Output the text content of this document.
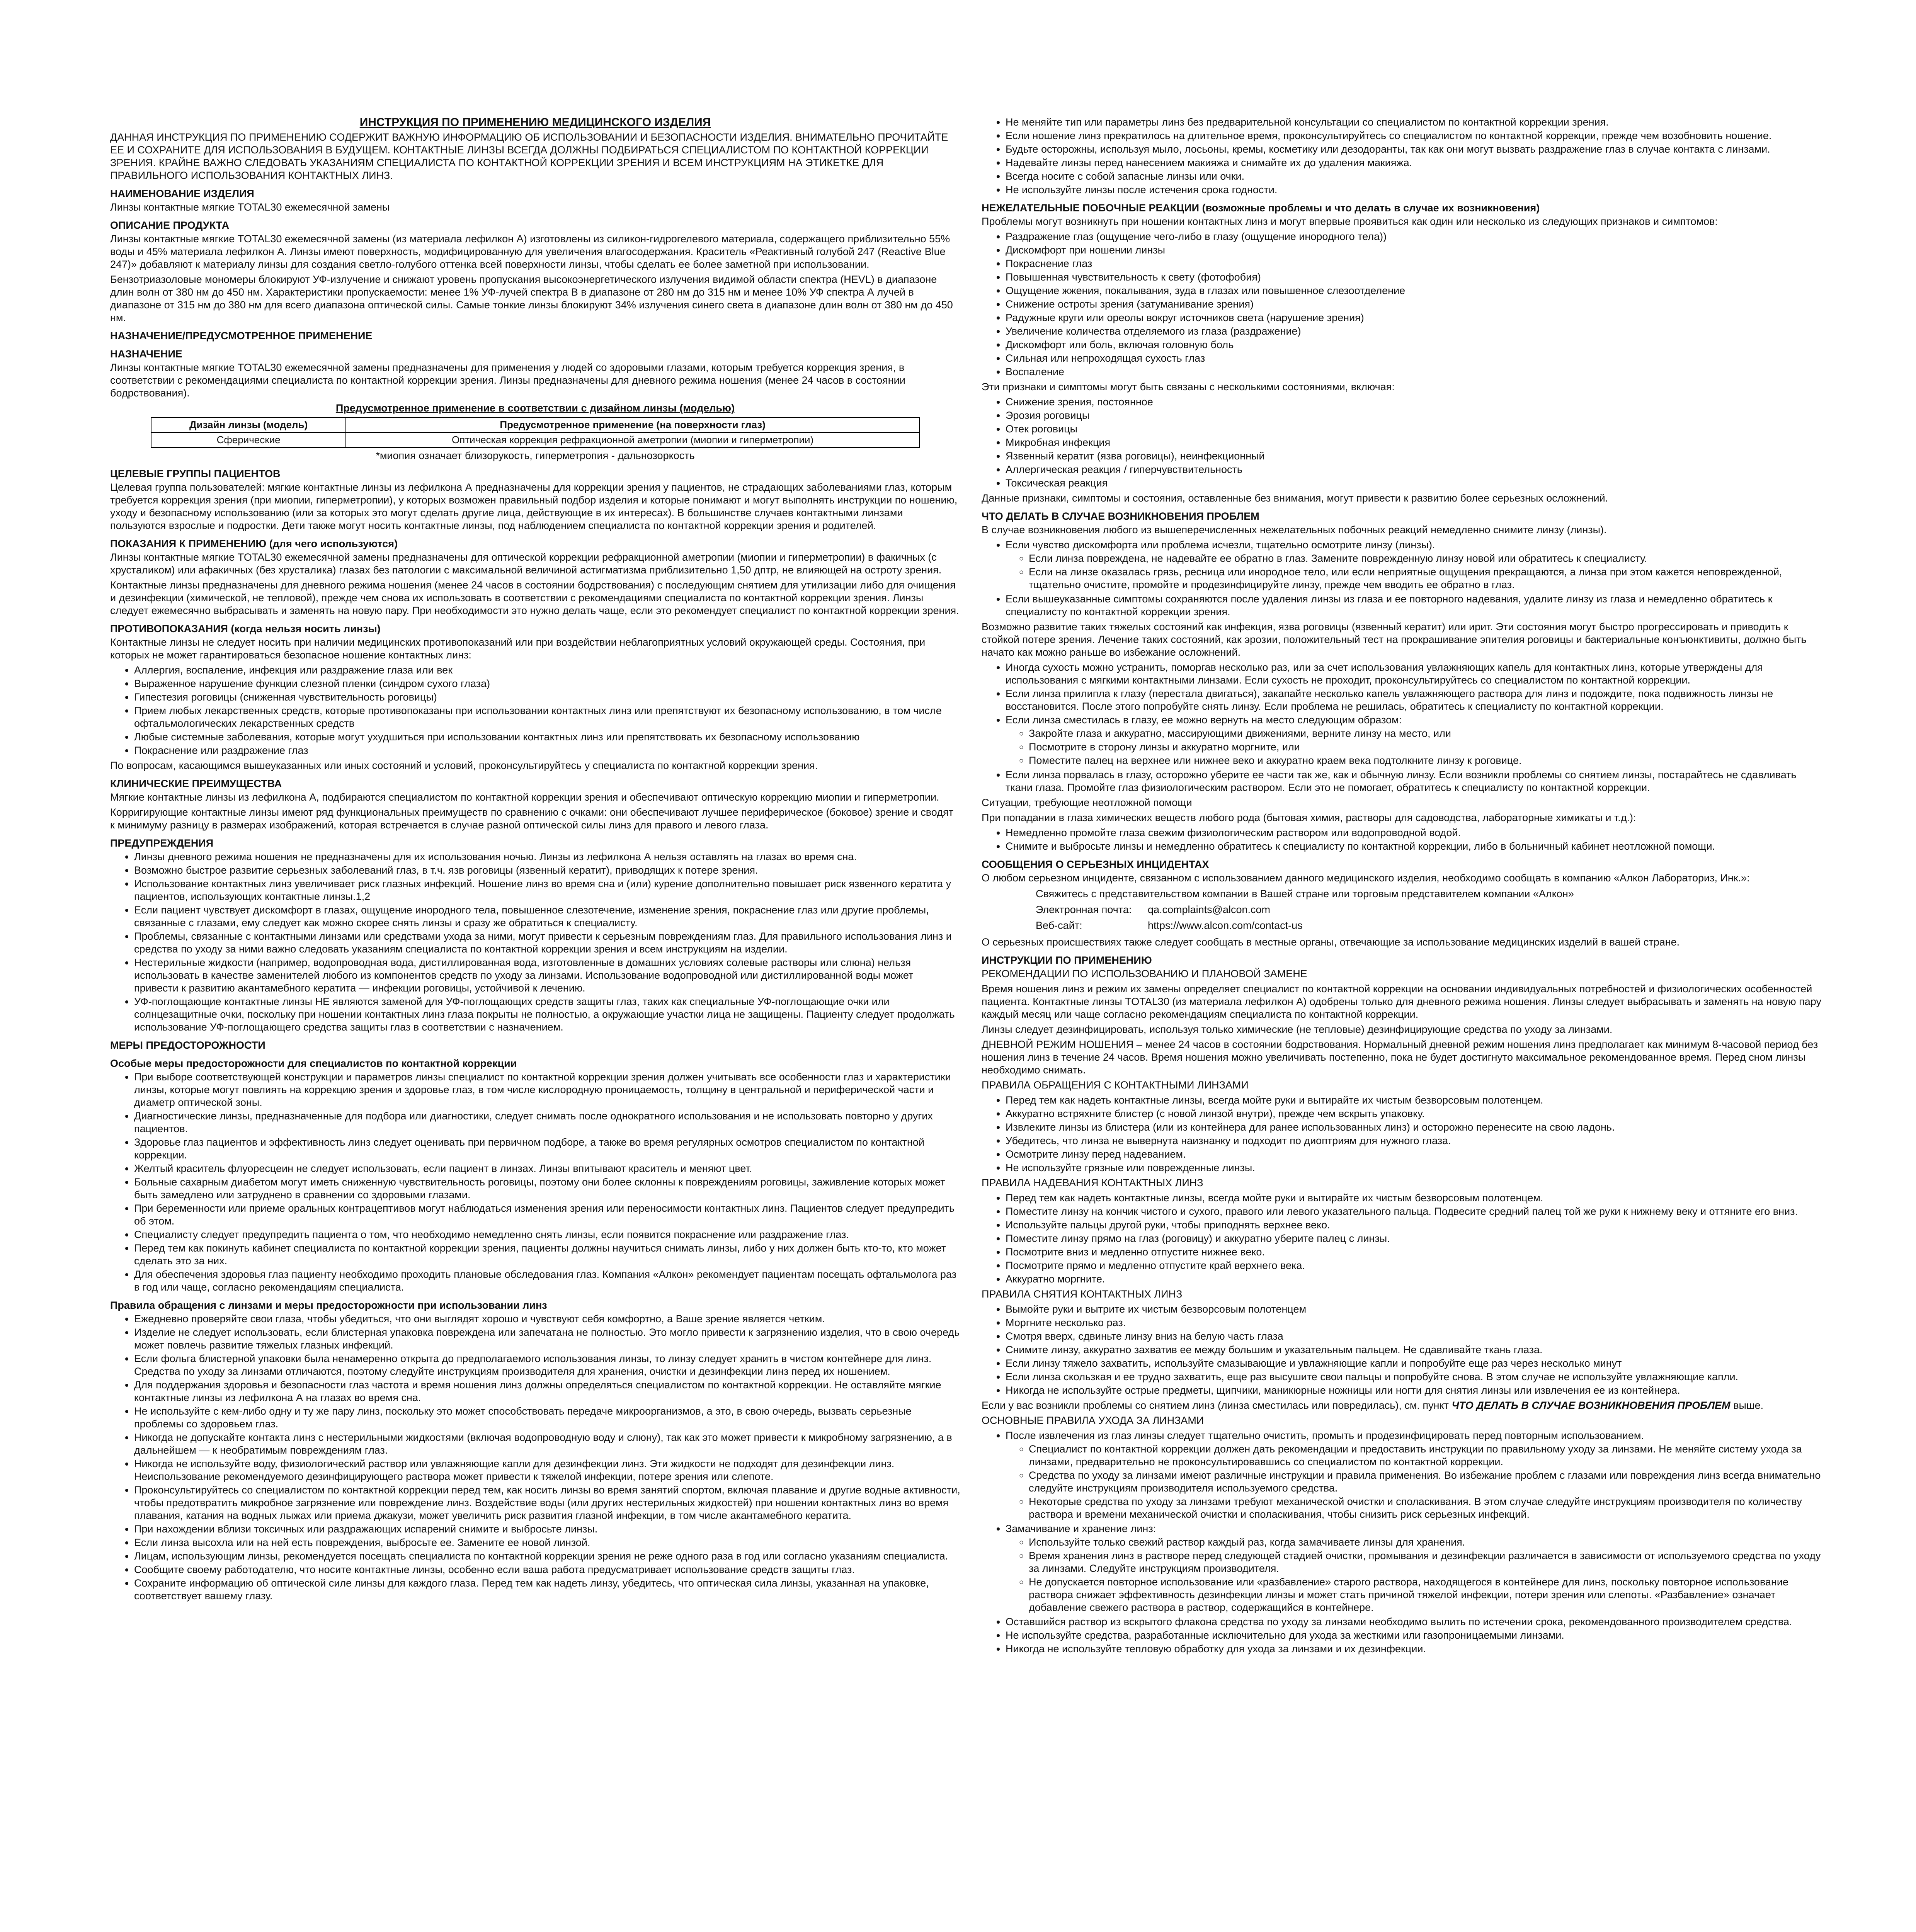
ИНСТРУКЦИЯ ПО ПРИМЕНЕНИЮ МЕДИЦИНСКОГО ИЗДЕЛИЯ

ДАННАЯ ИНСТРУКЦИЯ ПО ПРИМЕНЕНИЮ СОДЕРЖИТ ВАЖНУЮ ИНФОРМАЦИЮ ОБ ИСПОЛЬЗОВАНИИ И БЕЗОПАСНОСТИ ИЗДЕЛИЯ. ВНИМАТЕЛЬНО ПРОЧИТАЙТЕ ЕЕ И СОХРАНИТЕ ДЛЯ ИСПОЛЬЗОВАНИЯ В БУДУЩЕМ. КОНТАКТНЫЕ ЛИНЗЫ ВСЕГДА ДОЛЖНЫ ПОДБИРАТЬСЯ СПЕЦИАЛИСТОМ ПО КОНТАКТНОЙ КОРРЕКЦИИ ЗРЕНИЯ. КРАЙНЕ ВАЖНО СЛЕДОВАТЬ УКАЗАНИЯМ СПЕЦИАЛИСТА ПО КОНТАКТНОЙ КОРРЕКЦИИ ЗРЕНИЯ И ВСЕМ ИНСТРУКЦИЯМ НА ЭТИКЕТКЕ ДЛЯ ПРАВИЛЬНОГО ИСПОЛЬЗОВАНИЯ КОНТАКТНЫХ ЛИНЗ.

НАИМЕНОВАНИЕ ИЗДЕЛИЯ

Линзы контактные мягкие TOTAL30 ежемесячной замены

ОПИСАНИЕ ПРОДУКТА

Линзы контактные мягкие TOTAL30 ежемесячной замены (из материала лефилкон А) изготовлены из силикон-гидрогелевого материала, содержащего приблизительно 55% воды и 45% материала лефилкон А. Линзы имеют поверхность, модифицированную для увеличения влагосодержания. Краситель «Реактивный голубой 247 (Reactive Blue 247)» добавляют к материалу линзы для создания светло-голубого оттенка всей поверхности линзы, чтобы сделать ее более заметной при использовании.

Бензотриазоловые мономеры блокируют УФ-излучение и снижают уровень пропускания высокоэнергетического излучения видимой области спектра (HEVL) в диапазоне длин волн от 380 нм до 450 нм. Характеристики пропускаемости: менее 1% УФ-лучей спектра В в диапазоне от 280 нм до 315 нм и менее 10% УФ спектра А лучей в диапазоне от 315 нм до 380 нм для всего диапазона оптической силы. Самые тонкие линзы блокируют 34% излучения синего света в диапазоне длин волн от 380 нм до 450 нм.

НАЗНАЧЕНИЕ/ПРЕДУСМОТРЕННОЕ ПРИМЕНЕНИЕ
НАЗНАЧЕНИЕ

Линзы контактные мягкие TOTAL30 ежемесячной замены предназначены для применения у людей со здоровыми глазами, которым требуется коррекция зрения, в соответствии с рекомендациями специалиста по контактной коррекции зрения. Линзы предназначены для дневного режима ношения (менее 24 часов в состоянии бодрствования).

Предусмотренное применение в соответствии с дизайном линзы (моделью)

Дизайн линзы (модель)	Предусмотренное применение (на поверхности глаз)
Сферические	Оптическая коррекция рефракционной аметропии (миопии и гиперметропии)

*миопия означает близорукость, гиперметропия - дальнозоркость

ЦЕЛЕВЫЕ ГРУППЫ ПАЦИЕНТОВ

Целевая группа пользователей: мягкие контактные линзы из лефилкона А предназначены для коррекции зрения у пациентов, не страдающих заболеваниями глаз, которым требуется коррекция зрения (при миопии, гиперметропии), у которых возможен правильный подбор изделия и которые понимают и могут выполнять инструкции по ношению, уходу и безопасному использованию (или за которых это могут сделать другие лица, действующие в их интересах). В большинстве случаев контактными линзами пользуются взрослые и подростки. Дети также могут носить контактные линзы, под наблюдением специалиста по контактной коррекции зрения и родителей.

ПОКАЗАНИЯ К ПРИМЕНЕНИЮ (для чего используются)

Линзы контактные мягкие TOTAL30 ежемесячной замены предназначены для оптической коррекции рефракционной аметропии (миопии и гиперметропии) в факичных (с хрусталиком) или афакичных (без хрусталика) глазах без патологии с максимальной величиной астигматизма приблизительно 1,50 дптр, не влияющей на остроту зрения.

Контактные линзы предназначены для дневного режима ношения (менее 24 часов в состоянии бодрствования) с последующим снятием для утилизации либо для очищения и дезинфекции (химической, не тепловой), прежде чем снова их использовать в соответствии с рекомендациями специалиста по контактной коррекции зрения. Линзы следует ежемесячно выбрасывать и заменять на новую пару. При необходимости это нужно делать чаще, если это рекомендует специалист по контактной коррекции зрения.

ПРОТИВОПОКАЗАНИЯ (когда нельзя носить линзы)

Контактные линзы не следует носить при наличии медицинских противопоказаний или при воздействии неблагоприятных условий окружающей среды. Состояния, при которых не может гарантироваться безопасное ношение контактных линз:

• Аллергия, воспаление, инфекция или раздражение глаза или век
• Выраженное нарушение функции слезной пленки (синдром сухого глаза)
• Гипестезия роговицы (сниженная чувствительность роговицы)
• Прием любых лекарственных средств, которые противопоказаны при использовании контактных линз или препятствуют их безопасному использованию, в том числе офтальмологических лекарственных средств
• Любые системные заболевания, которые могут ухудшиться при использовании контактных линз или препятствовать их безопасному использованию
• Покраснение или раздражение глаз

По вопросам, касающимся вышеуказанных или иных состояний и условий, проконсультируйтесь у специалиста по контактной коррекции зрения.

КЛИНИЧЕСКИЕ ПРЕИМУЩЕСТВА

Мягкие контактные линзы из лефилкона А, подбираются специалистом по контактной коррекции зрения и обеспечивают оптическую коррекцию миопии и гиперметропии.

Корригирующие контактные линзы имеют ряд функциональных преимуществ по сравнению с очками: они обеспечивают лучшее периферическое (боковое) зрение и сводят к минимуму разницу в размерах изображений, которая встречается в случае разной оптической силы линз для правого и левого глаза.

ПРЕДУПРЕЖДЕНИЯ
• Линзы дневного режима ношения не предназначены для их использования ночью. Линзы из лефилкона А нельзя оставлять на глазах во время сна.
• Возможно быстрое развитие серьезных заболеваний глаз, в т.ч. язв роговицы (язвенный кератит), приводящих к потере зрения.
• Использование контактных линз увеличивает риск глазных инфекций. Ношение линз во время сна и (или) курение дополнительно повышает риск язвенного кератита у пациентов, использующих контактные линзы.1,2
• Если пациент чувствует дискомфорт в глазах, ощущение инородного тела, повышенное слезотечение, изменение зрения, покраснение глаз или другие проблемы, связанные с глазами, ему следует как можно скорее снять линзы и сразу же обратиться к специалисту.
• Проблемы, связанные с контактными линзами или средствами ухода за ними, могут привести к серьезным повреждениям глаз. Для правильного использования линз и средства по уходу за ними важно следовать указаниям специалиста по контактной коррекции зрения и всем инструкциям на изделии.
• Нестерильные жидкости (например, водопроводная вода, дистиллированная вода, изготовленные в домашних условиях солевые растворы или слюна) нельзя использовать в качестве заменителей любого из компонентов средств по уходу за линзами. Использование водопроводной или дистиллированной воды может привести к развитию акантамебного кератита — инфекции роговицы, устойчивой к лечению.
• УФ-поглощающие контактные линзы НЕ являются заменой для УФ-поглощающих средств защиты глаз, таких как специальные УФ-поглощающие очки или солнцезащитные очки, поскольку при ношении контактных линз глаза покрыты не полностью, а окружающие участки лица не защищены. Пациенту следует продолжать использование УФ-поглощающего средства защиты глаз в соответствии с назначением.
МЕРЫ ПРЕДОСТОРОЖНОСТИ
Особые меры предосторожности для специалистов по контактной коррекции
• При выборе соответствующей конструкции и параметров линзы специалист по контактной коррекции зрения должен учитывать все особенности глаз и характеристики линзы, которые могут повлиять на коррекцию зрения и здоровье глаз, в том числе кислородную проницаемость, толщину в центральной и периферической части и диаметр оптической зоны.
• Диагностические линзы, предназначенные для подбора или диагностики, следует снимать после однократного использования и не использовать повторно у других пациентов.
• Здоровье глаз пациентов и эффективность линз следует оценивать при первичном подборе, а также во время регулярных осмотров специалистом по контактной коррекции.
• Желтый краситель флуоресцеин не следует использовать, если пациент в линзах. Линзы впитывают краситель и меняют цвет.
• Больные сахарным диабетом могут иметь сниженную чувствительность роговицы, поэтому они более склонны к повреждениям роговицы, заживление которых может быть замедлено или затруднено в сравнении со здоровыми глазами.
• При беременности или приеме оральных контрацептивов могут наблюдаться изменения зрения или переносимости контактных линз. Пациентов следует предупредить об этом.
• Специалисту следует предупредить пациента о том, что необходимо немедленно снять линзы, если появится покраснение или раздражение глаз.
• Перед тем как покинуть кабинет специалиста по контактной коррекции зрения, пациенты должны научиться снимать линзы, либо у них должен быть кто-то, кто может сделать это за них.
• Для обеспечения здоровья глаз пациенту необходимо проходить плановые обследования глаз. Компания «Алкон» рекомендует пациентам посещать офтальмолога раз в год или чаще, согласно рекомендациям специалиста.
Правила обращения с линзами и меры предосторожности при использовании линз
• Ежедневно проверяйте свои глаза, чтобы убедиться, что они выглядят хорошо и чувствуют себя комфортно, а Ваше зрение является четким.
• Изделие не следует использовать, если блистерная упаковка повреждена или запечатана не полностью. Это могло привести к загрязнению изделия, что в свою очередь может повлечь развитие тяжелых глазных инфекций.
• Если фольга блистерной упаковки была ненамеренно открыта до предполагаемого использования линзы, то линзу следует хранить в чистом контейнере для линз. Средства по уходу за линзами отличаются, поэтому следуйте инструкциям производителя для хранения, очистки и дезинфекции линз перед их ношением.
• Для поддержания здоровья и безопасности глаз частота и время ношения линз должны определяться специалистом по контактной коррекции. Не оставляйте мягкие контактные линзы из лефилкона А на глазах во время сна.
• Не используйте с кем-либо одну и ту же пару линз, поскольку это может способствовать передаче микроорганизмов, а это, в свою очередь, вызвать серьезные проблемы со здоровьем глаз.
• Никогда не допускайте контакта линз с нестерильными жидкостями (включая водопроводную воду и слюну), так как это может привести к микробному загрязнению, а в дальнейшем — к необратимым повреждениям глаз.
• Никогда не используйте воду, физиологический раствор или увлажняющие капли для дезинфекции линз. Эти жидкости не подходят для дезинфекции линз. Неиспользование рекомендуемого дезинфицирующего раствора может привести к тяжелой инфекции, потере зрения или слепоте.
• Проконсультируйтесь со специалистом по контактной коррекции перед тем, как носить линзы во время занятий спортом, включая плавание и другие водные активности, чтобы предотвратить микробное загрязнение или повреждение линз. Воздействие воды (или других нестерильных жидкостей) при ношении контактных линз во время плавания, катания на водных лыжах или приема джакузи, может увеличить риск развития глазной инфекции, в том числе акантамебного кератита.
• При нахождении вблизи токсичных или раздражающих испарений снимите и выбросьте линзы.
• Если линза высохла или на ней есть повреждения, выбросьте ее. Замените ее новой линзой.
• Лицам, использующим линзы, рекомендуется посещать специалиста по контактной коррекции зрения не реже одного раза в год или согласно указаниям специалиста.
• Сообщите своему работодателю, что носите контактные линзы, особенно если ваша работа предусматривает использование средств защиты глаз.
• Сохраните информацию об оптической силе линзы для каждого глаза. Перед тем как надеть линзу, убедитесь, что оптическая сила линзы, указанная на упаковке, соответствует вашему глазу.
• Не меняйте тип или параметры линз без предварительной консультации со специалистом по контактной коррекции зрения.
• Если ношение линз прекратилось на длительное время, проконсультируйтесь со специалистом по контактной коррекции, прежде чем возобновить ношение.
• Будьте осторожны, используя мыло, лосьоны, кремы, косметику или дезодоранты, так как они могут вызвать раздражение глаз в случае контакта с линзами.
• Надевайте линзы перед нанесением макияжа и снимайте их до удаления макияжа.
• Всегда носите с собой запасные линзы или очки.
• Не используйте линзы после истечения срока годности.
НЕЖЕЛАТЕЛЬНЫЕ ПОБОЧНЫЕ РЕАКЦИИ (возможные проблемы и что делать в случае их возникновения)

Проблемы могут возникнуть при ношении контактных линз и могут впервые проявиться как один или несколько из следующих признаков и симптомов:

• Раздражение глаз (ощущение чего-либо в глазу (ощущение инородного тела))
• Дискомфорт при ношении линзы
• Покраснение глаз
• Повышенная чувствительность к свету (фотофобия)
• Ощущение жжения, покалывания, зуда в глазах или повышенное слезоотделение
• Снижение остроты зрения (затуманивание зрения)
• Радужные круги или ореолы вокруг источников света (нарушение зрения)
• Увеличение количества отделяемого из глаза (раздражение)
• Дискомфорт или боль, включая головную боль
• Сильная или непроходящая сухость глаз
• Воспаление

Эти признаки и симптомы могут быть связаны с несколькими состояниями, включая:

• Снижение зрения, постоянное
• Эрозия роговицы
• Отек роговицы
• Микробная инфекция
• Язвенный кератит (язва роговицы), неинфекционный
• Аллергическая реакция / гиперчувствительность
• Токсическая реакция

Данные признаки, симптомы и состояния, оставленные без внимания, могут привести к развитию более серьезных осложнений.

ЧТО ДЕЛАТЬ В СЛУЧАЕ ВОЗНИКНОВЕНИЯ ПРОБЛЕМ

В случае возникновения любого из вышеперечисленных нежелательных побочных реакций немедленно снимите линзу (линзы).

• Если чувство дискомфорта или проблема исчезли, тщательно осмотрите линзу (линзы).
◦ Если линза повреждена, не надевайте ее обратно в глаз. Замените поврежденную линзу новой или обратитесь к специалисту.
◦ Если на линзе оказалась грязь, ресница или инородное тело, или если неприятные ощущения прекращаются, а линза при этом кажется неповрежденной, тщательно очистите, промойте и продезинфицируйте линзу, прежде чем вводить ее обратно в глаз.
• Если вышеуказанные симптомы сохраняются после удаления линзы из глаза и ее повторного надевания, удалите линзу из глаза и немедленно обратитесь к специалисту по контактной коррекции зрения.

Возможно развитие таких тяжелых состояний как инфекция, язва роговицы (язвенный кератит) или ирит. Эти состояния могут быстро прогрессировать и приводить к стойкой потере зрения. Лечение таких состояний, как эрозии, положительный тест на прокрашивание эпителия роговицы и бактериальные конъюнктивиты, должно быть начато как можно раньше во избежание осложнений.

• Иногда сухость можно устранить, поморгав несколько раз, или за счет использования увлажняющих капель для контактных линз, которые утверждены для использования с мягкими контактными линзами. Если сухость не проходит, проконсультируйтесь со специалистом по контактной коррекции.
• Если линза прилипла к глазу (перестала двигаться), закапайте несколько капель увлажняющего раствора для линз и подождите, пока подвижность линзы не восстановится. После этого попробуйте снять линзу. Если проблема не решилась, обратитесь к специалисту по контактной коррекции.
• Если линза сместилась в глазу, ее можно вернуть на место следующим образом:
◦ Закройте глаза и аккуратно, массирующими движениями, верните линзу на место, или
◦ Посмотрите в сторону линзы и аккуратно моргните, или
◦ Поместите палец на верхнее или нижнее веко и аккуратно краем века подтолкните линзу к роговице.
• Если линза порвалась в глазу, осторожно уберите ее части так же, как и обычную линзу. Если возникли проблемы со снятием линзы, постарайтесь не сдавливать ткани глаза. Промойте глаз физиологическим раствором. Если это не помогает, обратитесь к специалисту по контактной коррекции.

Ситуации, требующие неотложной помощи

При попадании в глаза химических веществ любого рода (бытовая химия, растворы для садоводства, лабораторные химикаты и т.д.):

• Немедленно промойте глаза свежим физиологическим раствором или водопроводной водой.
• Снимите и выбросьте линзы и немедленно обратитесь к специалисту по контактной коррекции, либо в больничный кабинет неотложной помощи.
СООБЩЕНИЯ О СЕРЬЕЗНЫХ ИНЦИДЕНТАХ

О любом серьезном инциденте, связанном с использованием данного медицинского изделия, необходимо сообщать в компанию «Алкон Лабораториз, Инк.»:

Свяжитесь с представительством компании в Вашей стране или торговым представителем компании «Алкон»
Электронная почта:	qa.complaints@alcon.com
Веб-сайт:	https://www.alcon.com/contact-us

О серьезных происшествиях также следует сообщать в местные органы, отвечающие за использование медицинских изделий в вашей стране.

ИНСТРУКЦИИ ПО ПРИМЕНЕНИЮ

РЕКОМЕНДАЦИИ ПО ИСПОЛЬЗОВАНИЮ И ПЛАНОВОЙ ЗАМЕНЕ

Время ношения линз и режим их замены определяет специалист по контактной коррекции на основании индивидуальных потребностей и физиологических особенностей пациента. Контактные линзы TOTAL30 (из материала лефилкон А) одобрены только для дневного режима ношения. Линзы следует выбрасывать и заменять на новую пару каждый месяц или чаще согласно рекомендациям специалиста по контактной коррекции.

Линзы следует дезинфицировать, используя только химические (не тепловые) дезинфицирующие средства по уходу за линзами.

ДНЕВНОЙ РЕЖИМ НОШЕНИЯ – менее 24 часов в состоянии бодрствования. Нормальный дневной режим ношения линз предполагает как минимум 8-часовой период без ношения линз в течение 24 часов. Время ношения можно увеличивать постепенно, пока не будет достигнуто максимальное рекомендованное время. Перед сном линзы необходимо снимать.

ПРАВИЛА ОБРАЩЕНИЯ С КОНТАКТНЫМИ ЛИНЗАМИ

• Перед тем как надеть контактные линзы, всегда мойте руки и вытирайте их чистым безворсовым полотенцем.
• Аккуратно встряхните блистер (с новой линзой внутри), прежде чем вскрыть упаковку.
• Извлеките линзы из блистера (или из контейнера для ранее использованных линз) и осторожно перенесите на свою ладонь.
• Убедитесь, что линза не вывернута наизнанку и подходит по диоптриям для нужного глаза.
• Осмотрите линзу перед надеванием.
• Не используйте грязные или поврежденные линзы.

ПРАВИЛА НАДЕВАНИЯ КОНТАКТНЫХ ЛИНЗ

• Перед тем как надеть контактные линзы, всегда мойте руки и вытирайте их чистым безворсовым полотенцем.
• Поместите линзу на кончик чистого и сухого, правого или левого указательного пальца. Подвесите средний палец той же руки к нижнему веку и оттяните его вниз.
• Используйте пальцы другой руки, чтобы приподнять верхнее веко.
• Поместите линзу прямо на глаз (роговицу) и аккуратно уберите палец с линзы.
• Посмотрите вниз и медленно отпустите нижнее веко.
• Посмотрите прямо и медленно отпустите край верхнего века.
• Аккуратно моргните.

ПРАВИЛА СНЯТИЯ КОНТАКТНЫХ ЛИНЗ

• Вымойте руки и вытрите их чистым безворсовым полотенцем
• Моргните несколько раз.
• Смотря вверх, сдвиньте линзу вниз на белую часть глаза
• Снимите линзу, аккуратно захватив ее между большим и указательным пальцем. Не сдавливайте ткань глаза.
• Если линзу тяжело захватить, используйте смазывающие и увлажняющие капли и попробуйте еще раз через несколько минут
• Если линза скользкая и ее трудно захватить, еще раз высушите свои пальцы и попробуйте снова. В этом случае не используйте увлажняющие капли.
• Никогда не используйте острые предметы, щипчики, маникюрные ножницы или ногти для снятия линзы или извлечения ее из контейнера.

Если у вас возникли проблемы со снятием линз (линза сместилась или повредилась), см. пункт ЧТО ДЕЛАТЬ В СЛУЧАЕ ВОЗНИКНОВЕНИЯ ПРОБЛЕМ выше.

ОСНОВНЫЕ ПРАВИЛА УХОДА ЗА ЛИНЗАМИ

• После извлечения из глаз линзы следует тщательно очистить, промыть и продезинфицировать перед повторным использованием.
◦ Специалист по контактной коррекции должен дать рекомендации и предоставить инструкции по правильному уходу за линзами. Не меняйте систему ухода за линзами, предварительно не проконсультировавшись со специалистом по контактной коррекции.
◦ Средства по уходу за линзами имеют различные инструкции и правила применения. Во избежание проблем с глазами или повреждения линз всегда внимательно следуйте инструкциям производителя используемого средства.
◦ Некоторые средства по уходу за линзами требуют механической очистки и споласкивания. В этом случае следуйте инструкциям производителя по количеству раствора и времени механической очистки и споласкивания, чтобы снизить риск серьезных инфекций.
• Замачивание и хранение линз:
◦ Используйте только свежий раствор каждый раз, когда замачиваете линзы для хранения.
◦ Время хранения линз в растворе перед следующей стадией очистки, промывания и дезинфекции различается в зависимости от используемого средства по уходу за линзами. Следуйте инструкциям производителя.
◦ Не допускается повторное использование или «разбавление» старого раствора, находящегося в контейнере для линз, поскольку повторное использование раствора снижает эффективность дезинфекции линзы и может стать причиной тяжелой инфекции, потери зрения или слепоты. «Разбавление» означает добавление свежего раствора в раствор, содержащийся в контейнере.
• Оставшийся раствор из вскрытого флакона средства по уходу за линзами необходимо вылить по истечении срока, рекомендованного производителем средства.
• Не используйте средства, разработанные исключительно для ухода за жесткими или газопроницаемыми линзами.
• Никогда не используйте тепловую обработку для ухода за линзами и их дезинфекции.
